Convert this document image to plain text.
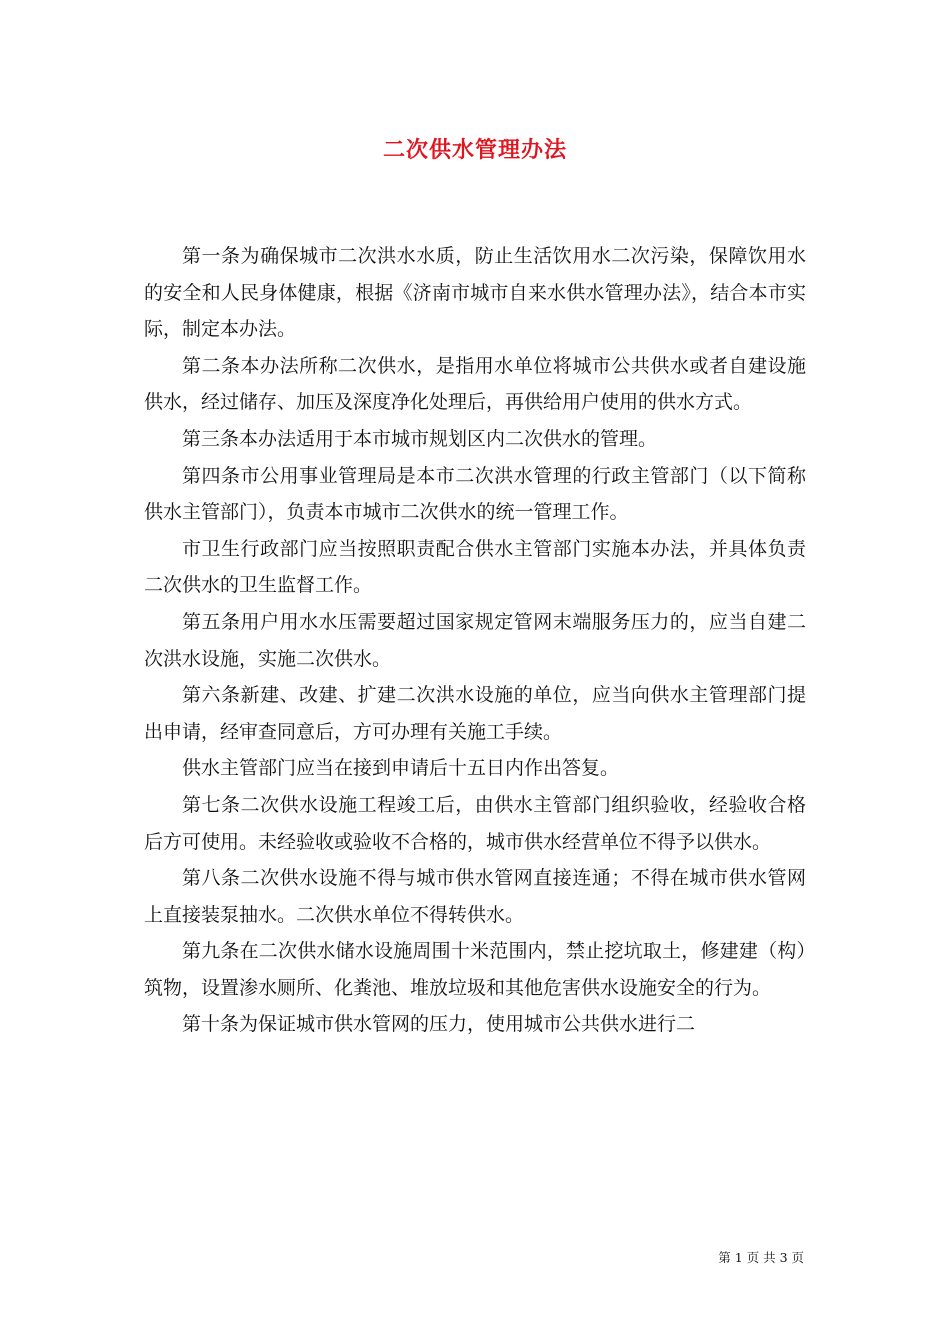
二次供水管理办法

第一条为确保城市二次洪水水质，防止生活饮用水二次污染，保障饮用水的安全和人民身体健康，根据《济南市城市自来水供水管理办法》，结合本市实际，制定本办法。

第二条本办法所称二次供水，是指用水单位将城市公共供水或者自建设施供水，经过储存、加压及深度净化处理后，再供给用户使用的供水方式。

第三条本办法适用于本市城市规划区内二次供水的管理。

第四条市公用事业管理局是本市二次洪水管理的行政主管部门（以下简称供水主管部门），负责本市城市二次供水的统一管理工作。

市卫生行政部门应当按照职责配合供水主管部门实施本办法，并具体负责二次供水的卫生监督工作。

第五条用户用水水压需要超过国家规定管网末端服务压力的，应当自建二次洪水设施，实施二次供水。

第六条新建、改建、扩建二次洪水设施的单位，应当向供水主管理部门提出申请，经审查同意后，方可办理有关施工手续。

供水主管部门应当在接到申请后十五日内作出答复。

第七条二次供水设施工程竣工后，由供水主管部门组织验收，经验收合格后方可使用。未经验收或验收不合格的，城市供水经营单位不得予以供水。

第八条二次供水设施不得与城市供水管网直接连通；不得在城市供水管网上直接装泵抽水。二次供水单位不得转供水。

第九条在二次供水储水设施周围十米范围内，禁止挖坑取土，修建建（构）筑物，设置渗水厕所、化粪池、堆放垃圾和其他危害供水设施安全的行为。

第十条为保证城市供水管网的压力，使用城市公共供水进行二

第 1 页 共 3 页
